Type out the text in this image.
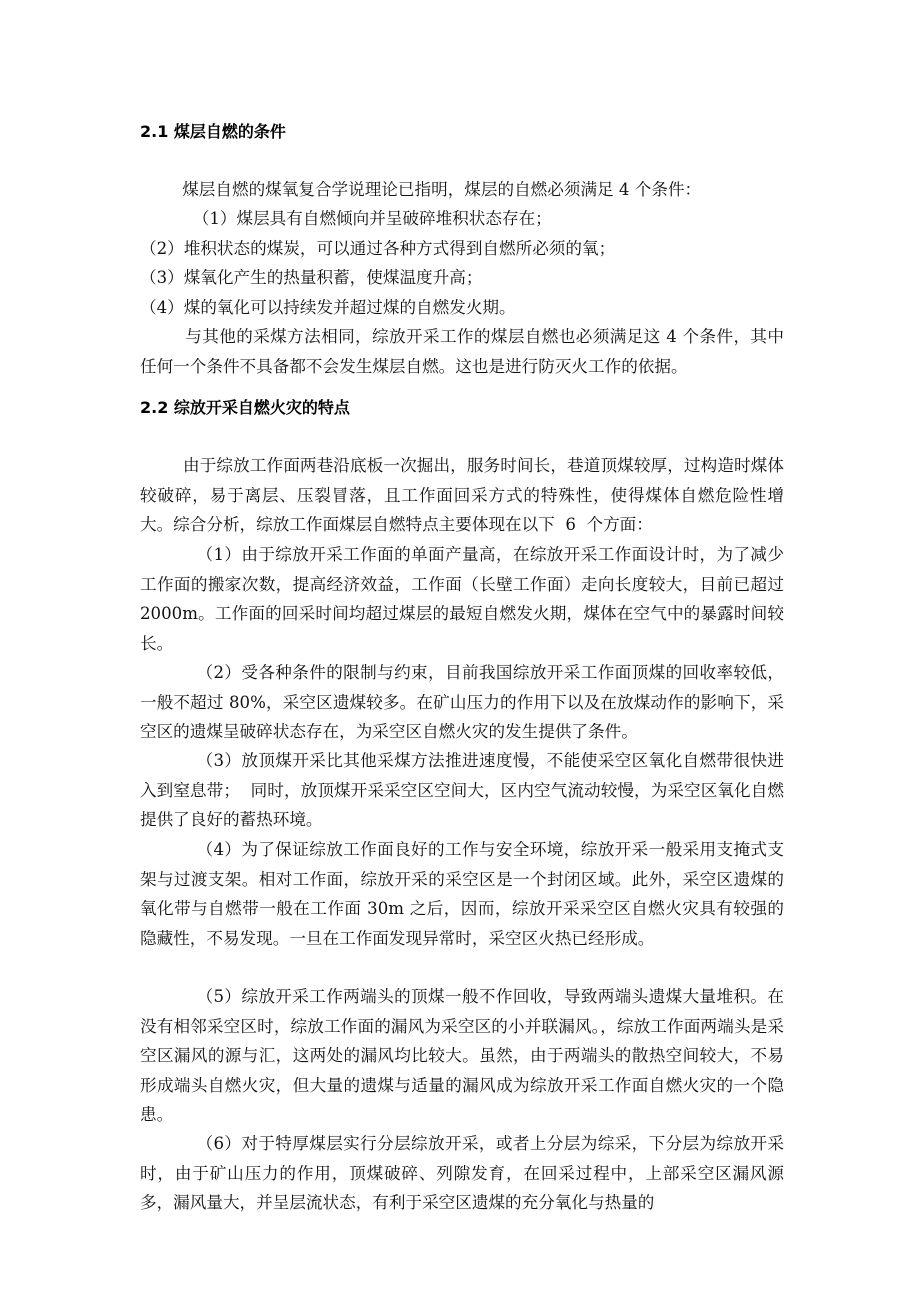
2.1 煤层自燃的条件

煤层自燃的煤氧复合学说理论已指明，煤层的自燃必须满足 4 个条件：

（1）煤层具有自燃倾向并呈破碎堆积状态存在；

（2）堆积状态的煤炭，可以通过各种方式得到自燃所必须的氧；

（3）煤氧化产生的热量积蓄，使煤温度升高；

（4）煤的氧化可以持续发并超过煤的自燃发火期。

与其他的采煤方法相同，综放开采工作的煤层自燃也必须满足这 4 个条件，其中任何一个条件不具备都不会发生煤层自燃。这也是进行防灭火工作的依据。

2.2 综放开采自燃火灾的特点

由于综放工作面两巷沿底板一次掘出，服务时间长，巷道顶煤较厚，过构造时煤体较破碎，易于离层、压裂冒落，且工作面回采方式的特殊性，使得煤体自燃危险性增大。综合分析，综放工作面煤层自燃特点主要体现在以下  6  个方面：

（1）由于综放开采工作面的单面产量高，在综放开采工作面设计时，为了减少工作面的搬家次数，提高经济效益，工作面（长壁工作面）走向长度较大，目前已超过 2000m。工作面的回采时间均超过煤层的最短自燃发火期，煤体在空气中的暴露时间较长。

（2）受各种条件的限制与约束，目前我国综放开采工作面顶煤的回收率较低，一般不超过 80%，采空区遗煤较多。在矿山压力的作用下以及在放煤动作的影响下，采空区的遗煤呈破碎状态存在，为采空区自燃火灾的发生提供了条件。

（3）放顶煤开采比其他采煤方法推进速度慢，不能使采空区氧化自燃带很快进入到窒息带；  同时，放顶煤开采采空区空间大，区内空气流动较慢，为采空区氧化自燃提供了良好的蓄热环境。

（4）为了保证综放工作面良好的工作与安全环境，综放开采一般采用支掩式支架与过渡支架。相对工作面，综放开采的采空区是一个封闭区域。此外，采空区遗煤的氧化带与自燃带一般在工作面 30m 之后，因而，综放开采采空区自燃火灾具有较强的隐藏性，不易发现。一旦在工作面发现异常时，采空区火热已经形成。

（5）综放开采工作两端头的顶煤一般不作回收，导致两端头遗煤大量堆积。在没有相邻采空区时，综放工作面的漏风为采空区的小并联漏风。，综放工作面两端头是采空区漏风的源与汇，这两处的漏风均比较大。虽然，由于两端头的散热空间较大，不易形成端头自燃火灾，但大量的遗煤与适量的漏风成为综放开采工作面自燃火灾的一个隐患。

（6）对于特厚煤层实行分层综放开采，或者上分层为综采，下分层为综放开采时，由于矿山压力的作用，顶煤破碎、列隙发育，在回采过程中，上部采空区漏风源多，漏风量大，并呈层流状态，有利于采空区遗煤的充分氧化与热量的
